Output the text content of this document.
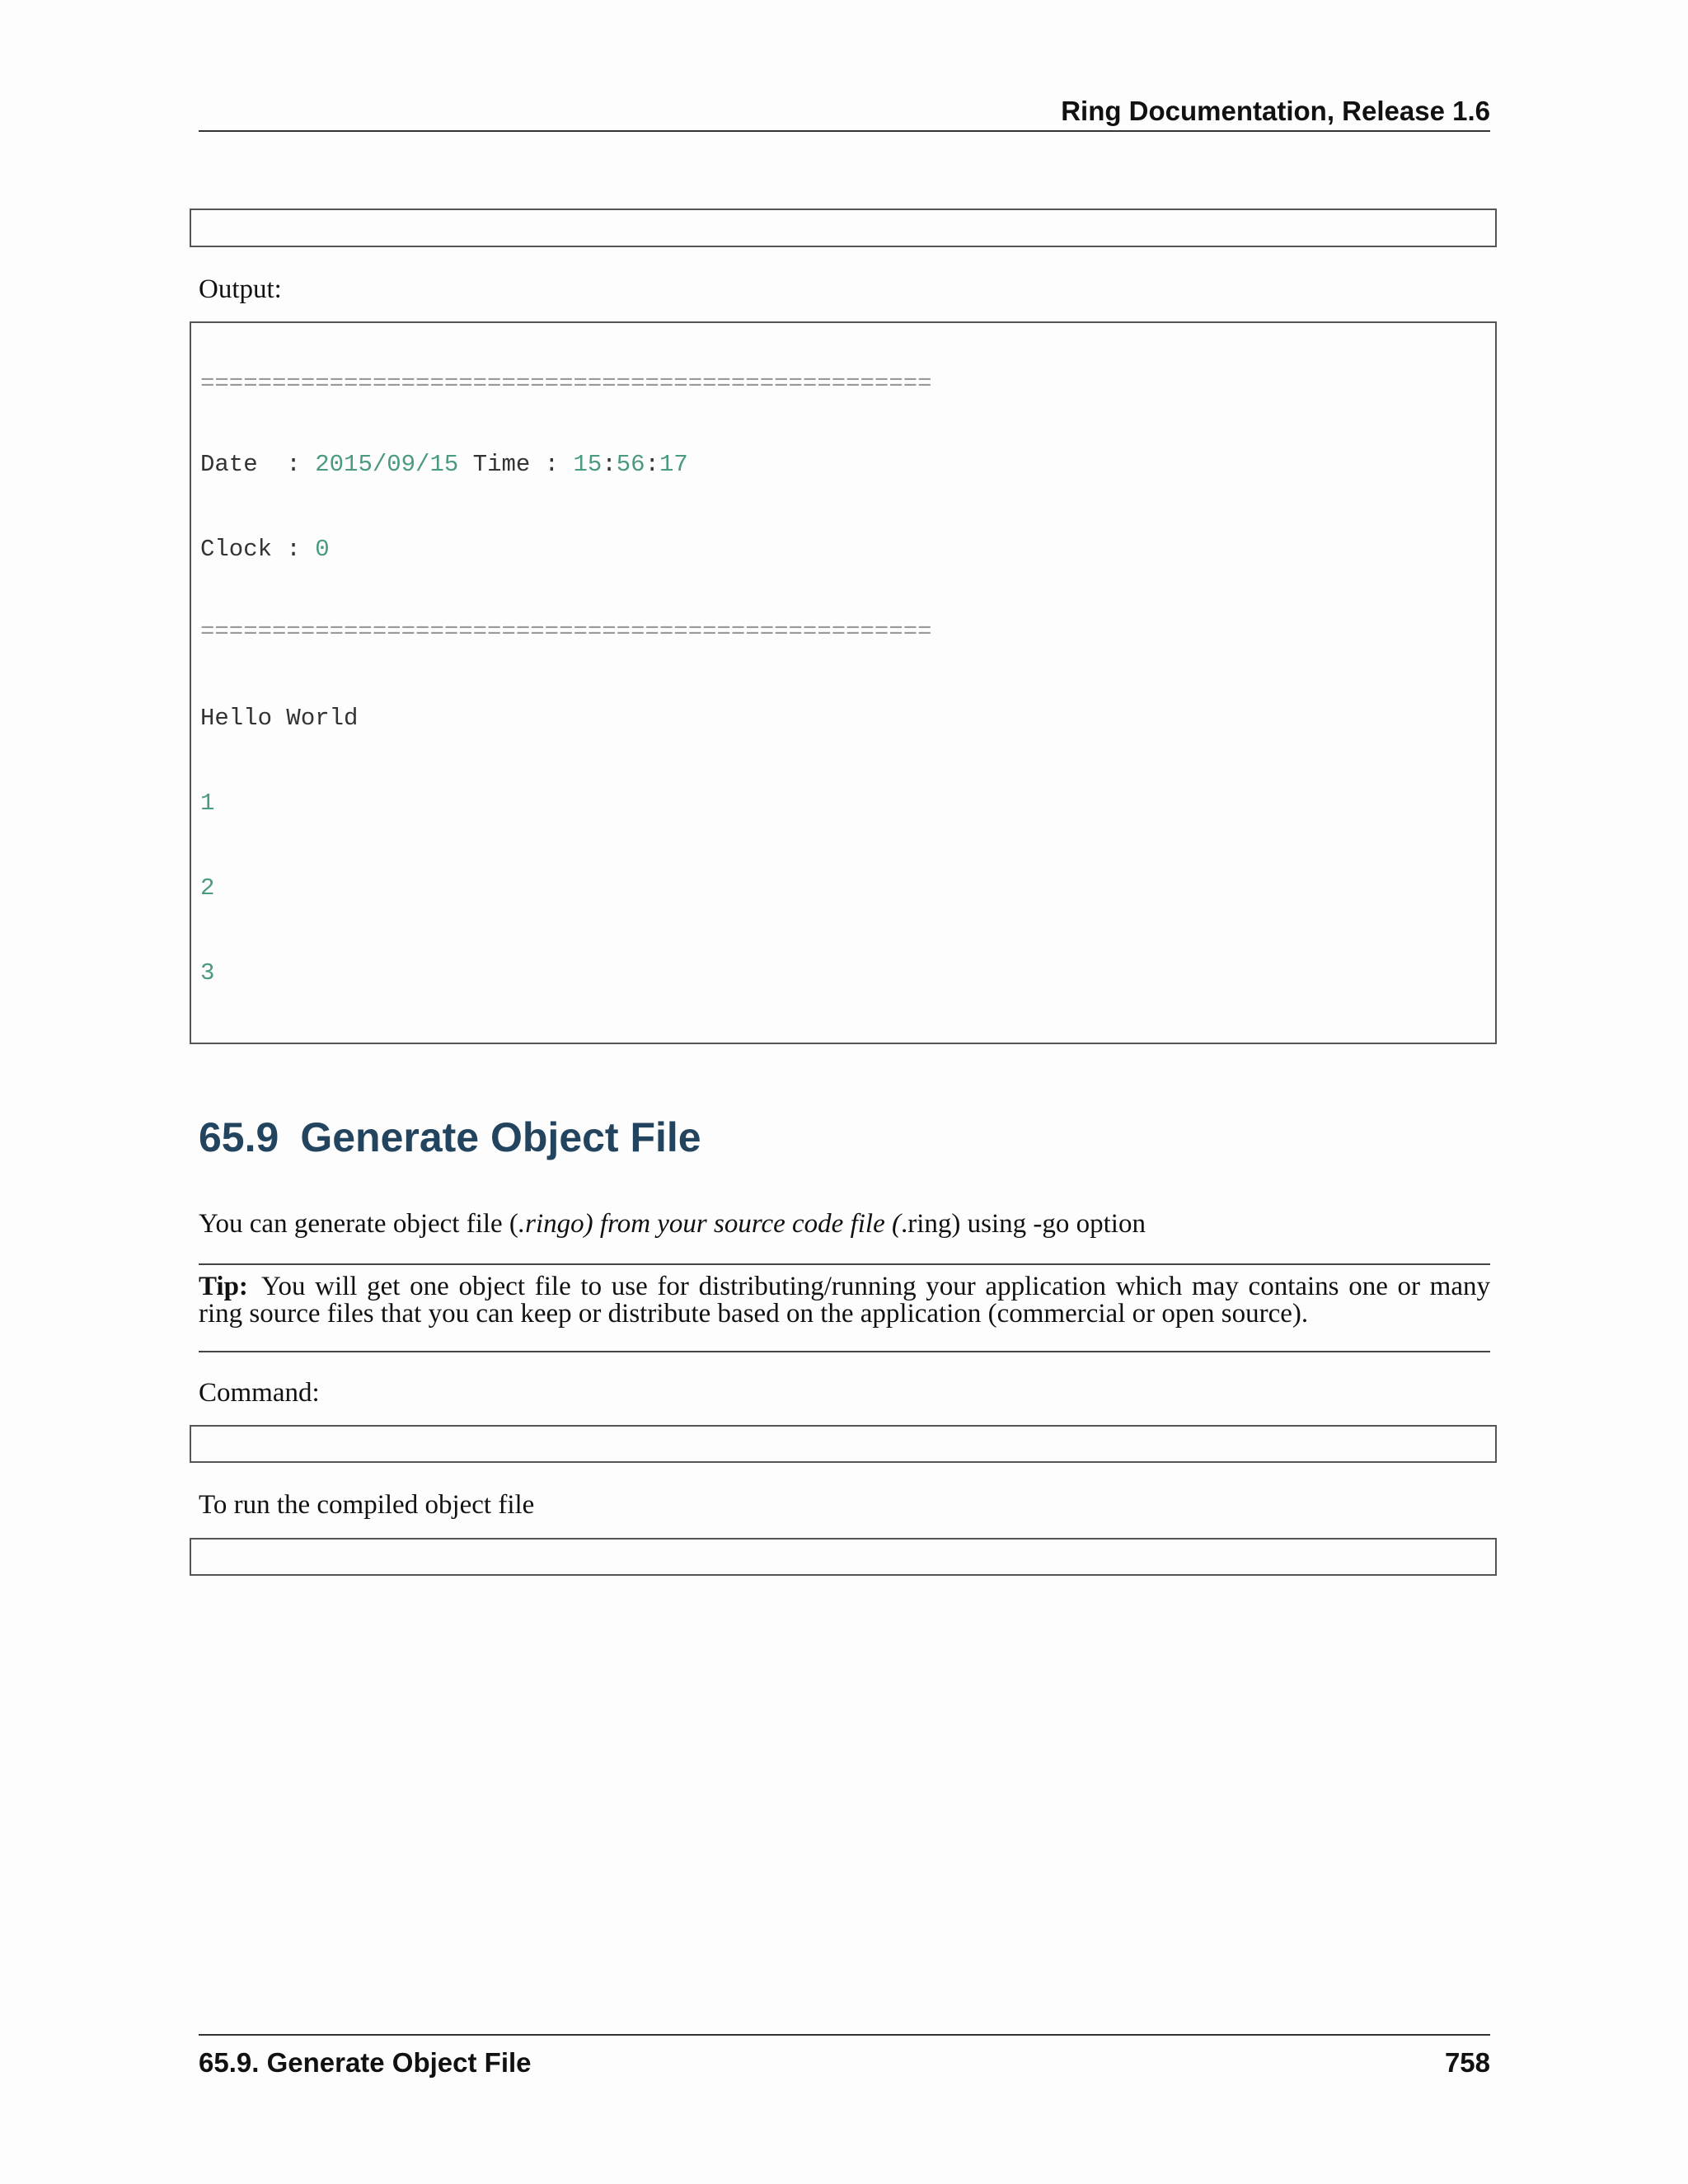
Ring Documentation, Release 1.6

Output:

===================================================

Date  : 2015/09/15 Time : 15:56:17

Clock : 0

===================================================

Hello World

1

2

3

65.9 Generate Object File

You can generate object file (.ringo) from your source code file (.ring) using -go option

Tip: You will get one object file to use for distributing/running your application which may contains one or many ring source files that you can keep or distribute based on the application (commercial or open source).

Command:

To run the compiled object file

65.9. Generate Object File	758
